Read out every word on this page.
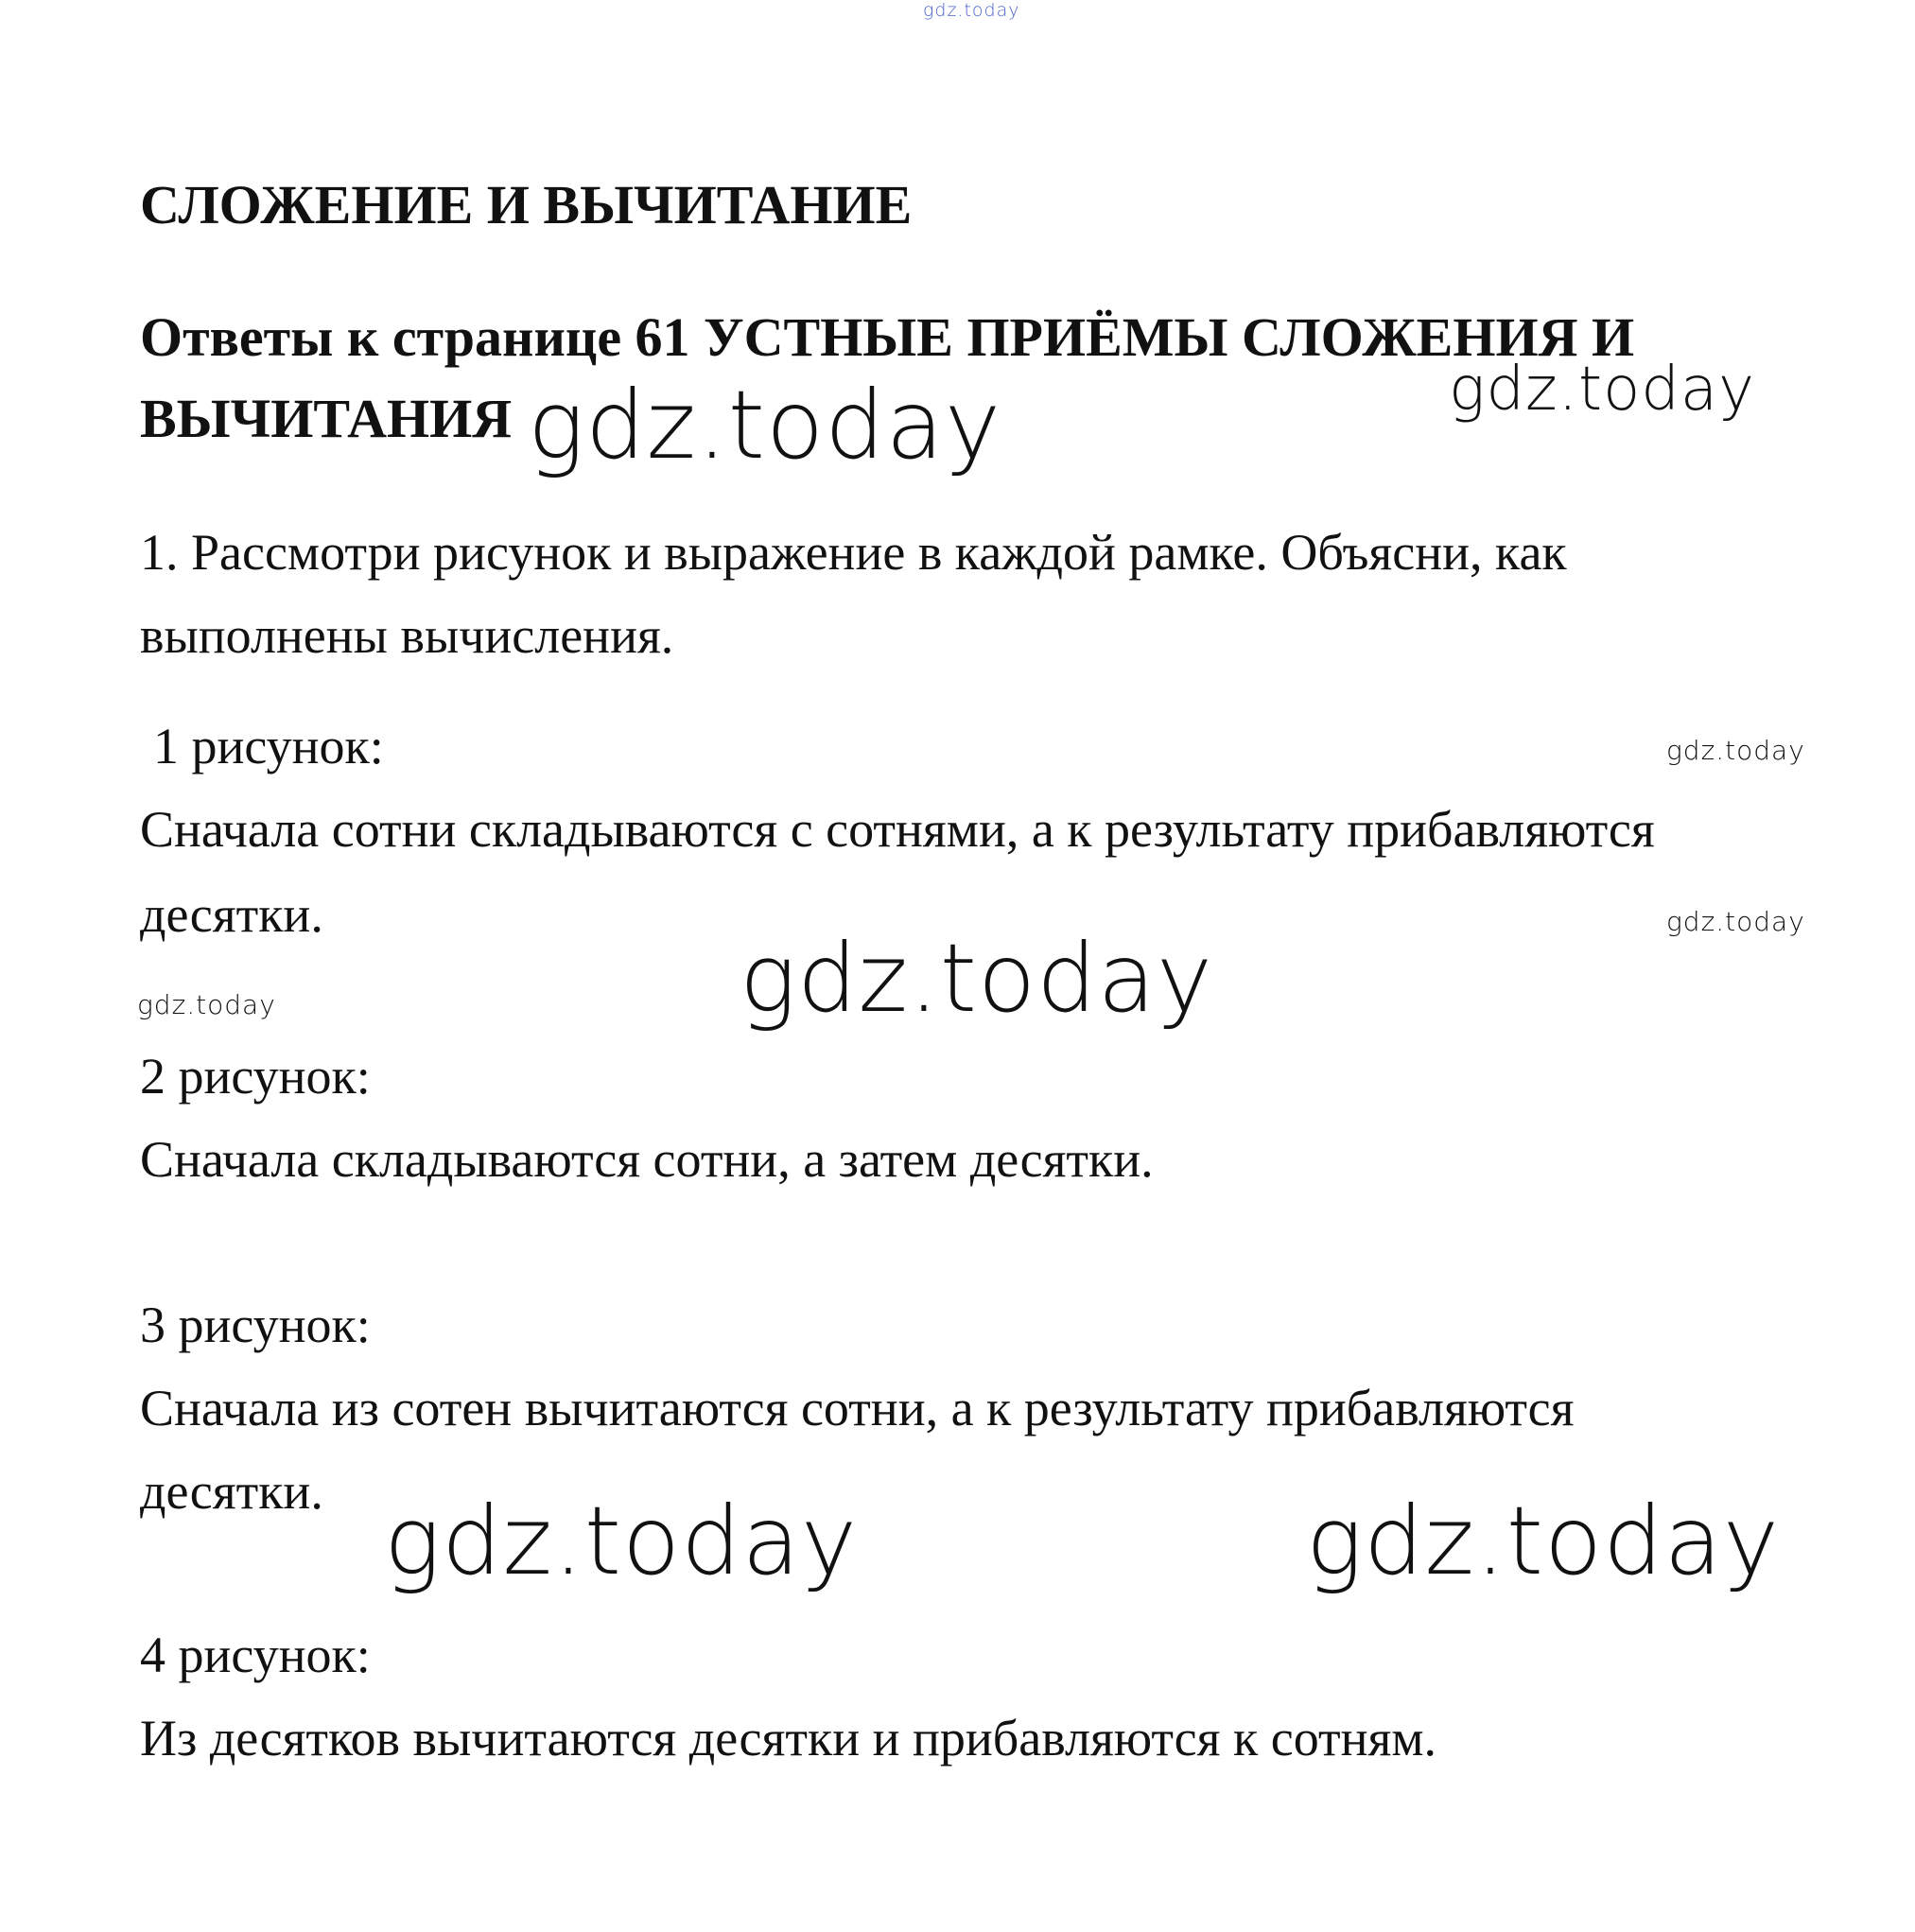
gdz.today
gdz.today	gdz.today
gdz.today
gdz.today
gdz.today	gdz.today
gdz.today	gdz.today
СЛОЖЕНИЕ И ВЫЧИТАНИЕ
Ответы к странице 61 УСТНЫЕ ПРИЁМЫ СЛОЖЕНИЯ И
ВЫЧИТАНИЯ
1. Рассмотри рисунок и выражение в каждой рамке. Объясни, как
выполнены вычисления.
1 рисунок:
Сначала сотни складываются с сотнями, а к результату прибавляются
десятки.
2 рисунок:
Сначала складываются сотни, а затем десятки.
3 рисунок:
Сначала из сотен вычитаются сотни, а к результату прибавляются
десятки.
4 рисунок:
Из десятков вычитаются десятки и прибавляются к сотням.
